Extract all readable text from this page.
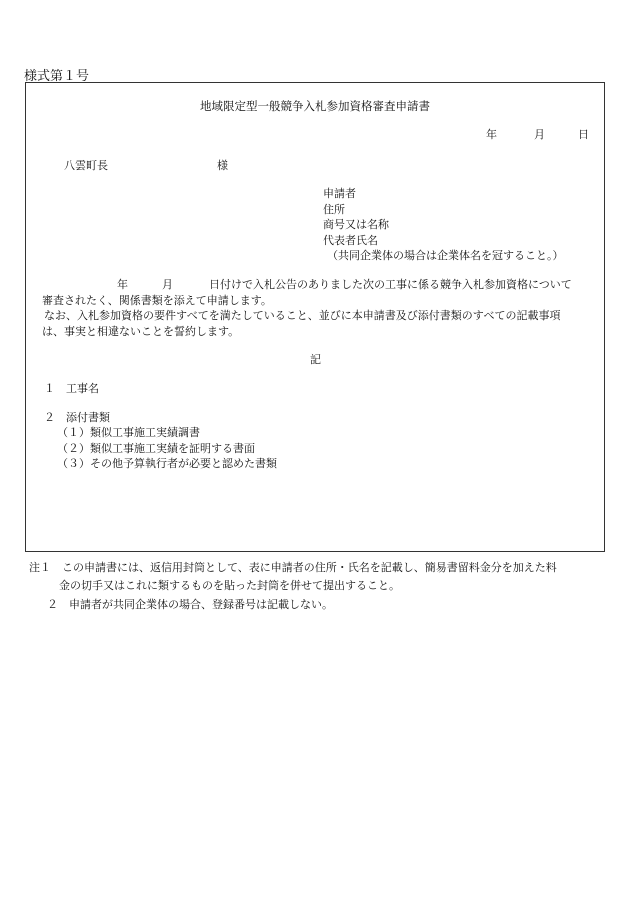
様式第１号
地域限定型一般競争入札参加資格審査申請書
年	月	日
八雲町長	様
申請者
住所
商号又は名称
代表者氏名
（共同企業体の場合は企業体名を冠すること。）
年	月	日付けで入札公告のありました次の工事に係る競争入札参加資格について
審査されたく、関係書類を添えて申請します。
なお、入札参加資格の要件すべてを満たしていること、並びに本申請書及び添付書類のすべての記載事項
は、事実と相違ないことを誓約します。
記
１　工事名
２　添付書類
（１）類似工事施工実績調書
（２）類似工事施工実績を証明する書面
（３）その他予算執行者が必要と認めた書類
注１　この申請書には、返信用封筒として、表に申請者の住所・氏名を記載し、簡易書留料金分を加えた料
金の切手又はこれに類するものを貼った封筒を併せて提出すること。
２　申請者が共同企業体の場合、登録番号は記載しない。
